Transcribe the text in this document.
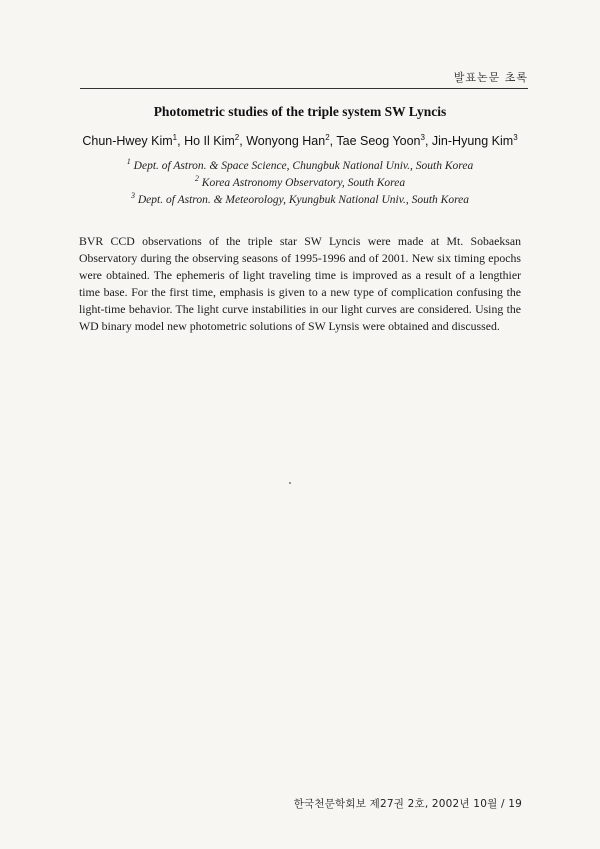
발표논문 초록
Photometric studies of the triple system SW Lyncis
Chun-Hwey Kim$^1$, Ho Il Kim$^2$, Wonyong Han$^2$, Tae Seog Yoon$^3$, Jin-Hyung Kim$^3$
$^1$ Dept. of Astron. & Space Science, Chungbuk National Univ., South Korea
$^2$ Korea Astronomy Observatory, South Korea
$^3$ Dept. of Astron. & Meteorology, Kyungbuk National Univ., South Korea
BVR CCD observations of the triple star SW Lyncis were made at Mt. Sobaeksan Observatory during the observing seasons of 1995-1996 and of 2001. New six timing epochs were obtained. The ephemeris of light traveling time is improved as a result of a lengthier time base. For the first time, emphasis is given to a new type of complication confusing the light-time behavior. The light curve instabilities in our light curves are considered. Using the WD binary model new photometric solutions of SW Lynsis were obtained and discussed.
한국천문학회보 제27권 2호, 2002년 10월 / 19
